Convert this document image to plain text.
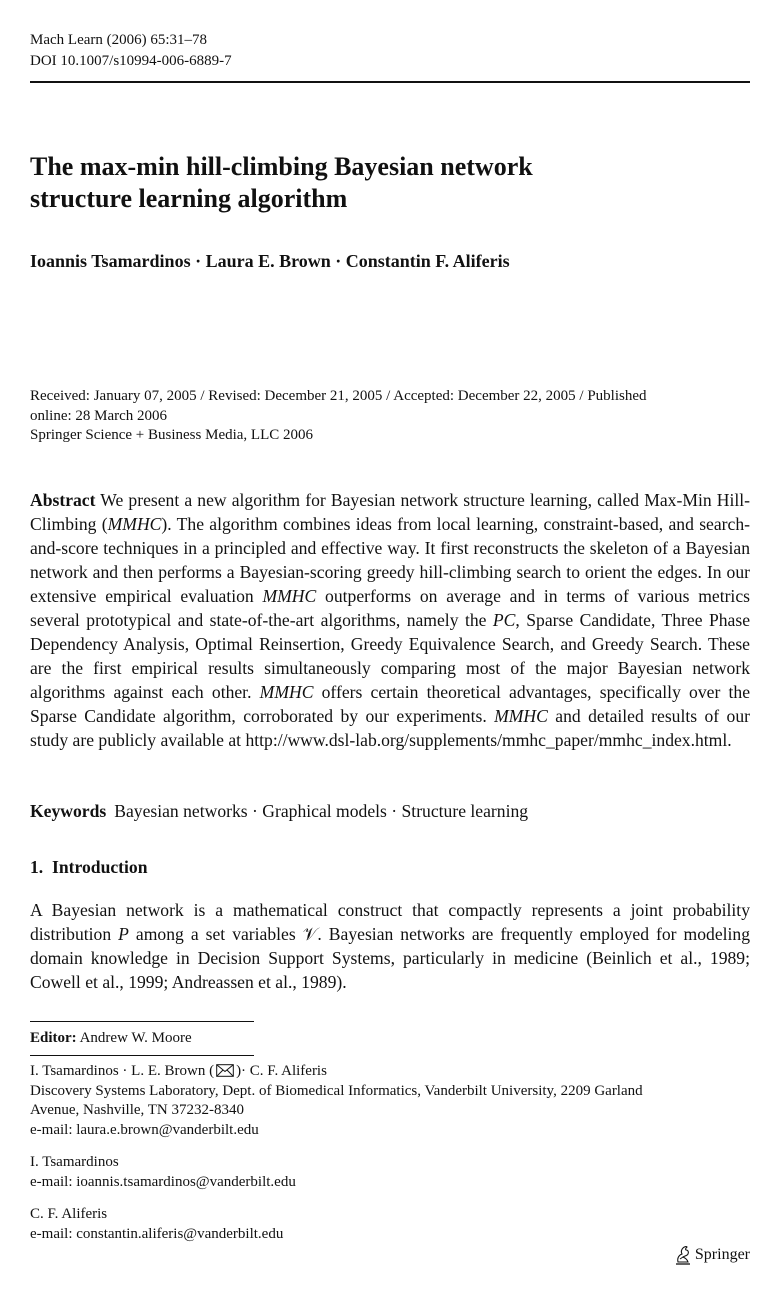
Mach Learn (2006) 65:31–78
DOI 10.1007/s10994-006-6889-7
The max-min hill-climbing Bayesian network
structure learning algorithm
Ioannis Tsamardinos · Laura E. Brown · Constantin F. Aliferis
Received: January 07, 2005 / Revised: December 21, 2005 / Accepted: December 22, 2005 / Published
online: 28 March 2006
Springer Science + Business Media, LLC 2006
Abstract We present a new algorithm for Bayesian network structure learning, called Max-Min Hill-Climbing (MMHC). The algorithm combines ideas from local learning, constraint-based, and search-and-score techniques in a principled and effective way. It first reconstructs the skeleton of a Bayesian network and then performs a Bayesian-scoring greedy hill-climbing search to orient the edges. In our extensive empirical evaluation MMHC outperforms on average and in terms of various metrics several prototypical and state-of-the-art algorithms, namely the PC, Sparse Candidate, Three Phase Dependency Analysis, Optimal Reinsertion, Greedy Equivalence Search, and Greedy Search. These are the first empirical results simultaneously comparing most of the major Bayesian network algorithms against each other. MMHC offers certain theoretical advantages, specifically over the Sparse Candidate algorithm, corroborated by our experiments. MMHC and detailed results of our study are publicly available at http://www.dsl-lab.org/supplements/mmhc_paper/mmhc_index.html.
Keywords Bayesian networks · Graphical models · Structure learning
1. Introduction
A Bayesian network is a mathematical construct that compactly represents a joint probability distribution P among a set variables 𝒱. Bayesian networks are frequently employed for modeling domain knowledge in Decision Support Systems, particularly in medicine (Beinlich et al., 1989; Cowell et al., 1999; Andreassen et al., 1989).
Editor: Andrew W. Moore
I. Tsamardinos · L. E. Brown ( )· C. F. Aliferis
Discovery Systems Laboratory, Dept. of Biomedical Informatics, Vanderbilt University, 2209 Garland
Avenue, Nashville, TN 37232-8340
e-mail: laura.e.brown@vanderbilt.edu
I. Tsamardinos
e-mail: ioannis.tsamardinos@vanderbilt.edu
C. F. Aliferis
e-mail: constantin.aliferis@vanderbilt.edu
Springer
